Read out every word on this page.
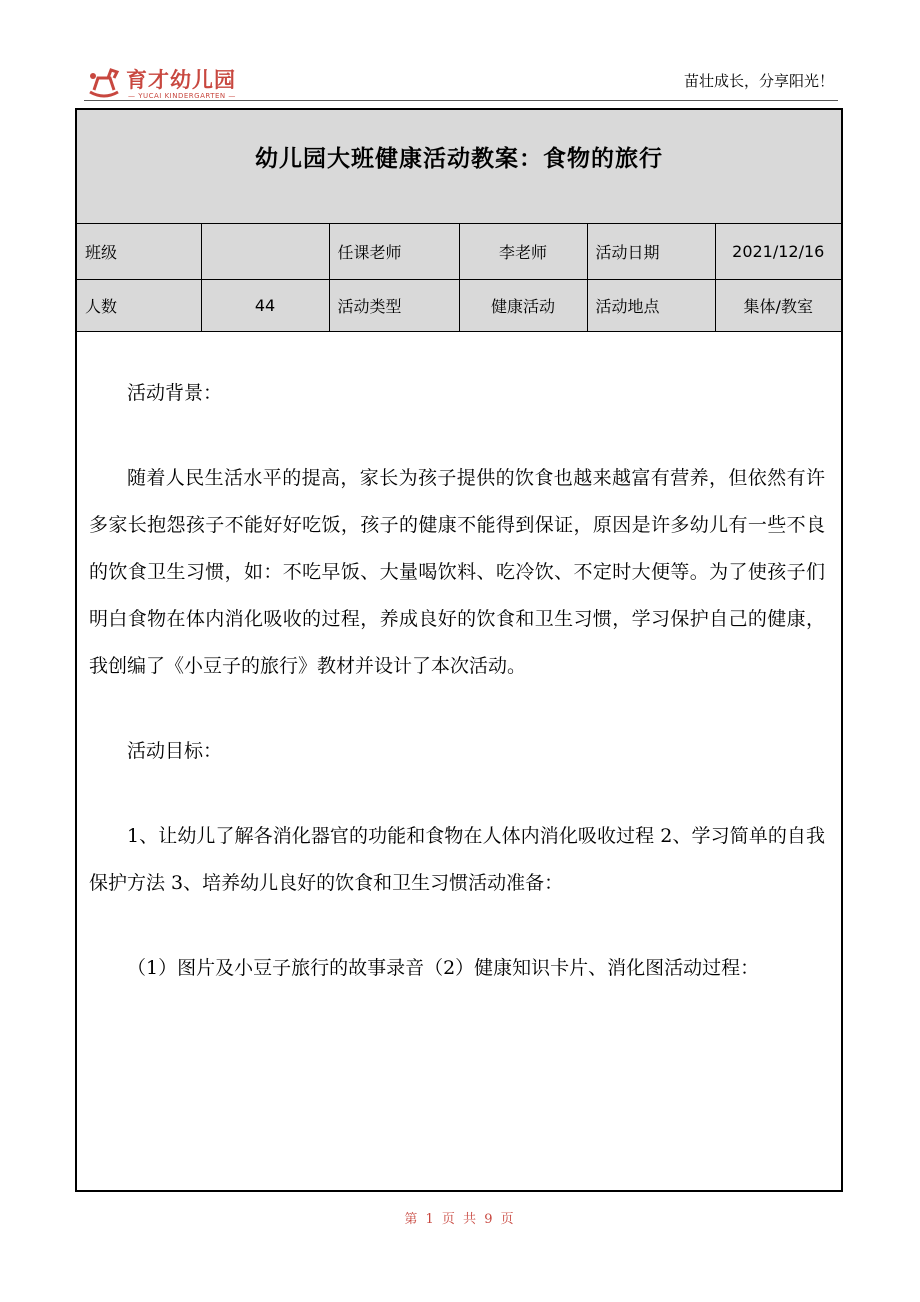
育才幼儿园
— YUCAI KINDERGARTEN —
苗壮成长，分享阳光！
幼儿园大班健康活动教案：食物的旅行
班级		任课老师	李老师	活动日期	2021/12/16
人数	44	活动类型	健康活动	活动地点	集体/教室

活动背景：

随着人民生活水平的提高，家长为孩子提供的饮食也越来越富有营养，但依然有许多家长抱怨孩子不能好好吃饭，孩子的健康不能得到保证，原因是许多幼儿有一些不良的饮食卫生习惯，如：不吃早饭、大量喝饮料、吃冷饮、不定时大便等。为了使孩子们明白食物在体内消化吸收的过程，养成良好的饮食和卫生习惯，学习保护自己的健康，我创编了《小豆子的旅行》教材并设计了本次活动。

活动目标：

1、让幼儿了解各消化器官的功能和食物在人体内消化吸收过程 2、学习简单的自我保护方法 3、培养幼儿良好的饮食和卫生习惯活动准备：

（1）图片及小豆子旅行的故事录音（2）健康知识卡片、消化图活动过程：

第 1 页 共 9 页
